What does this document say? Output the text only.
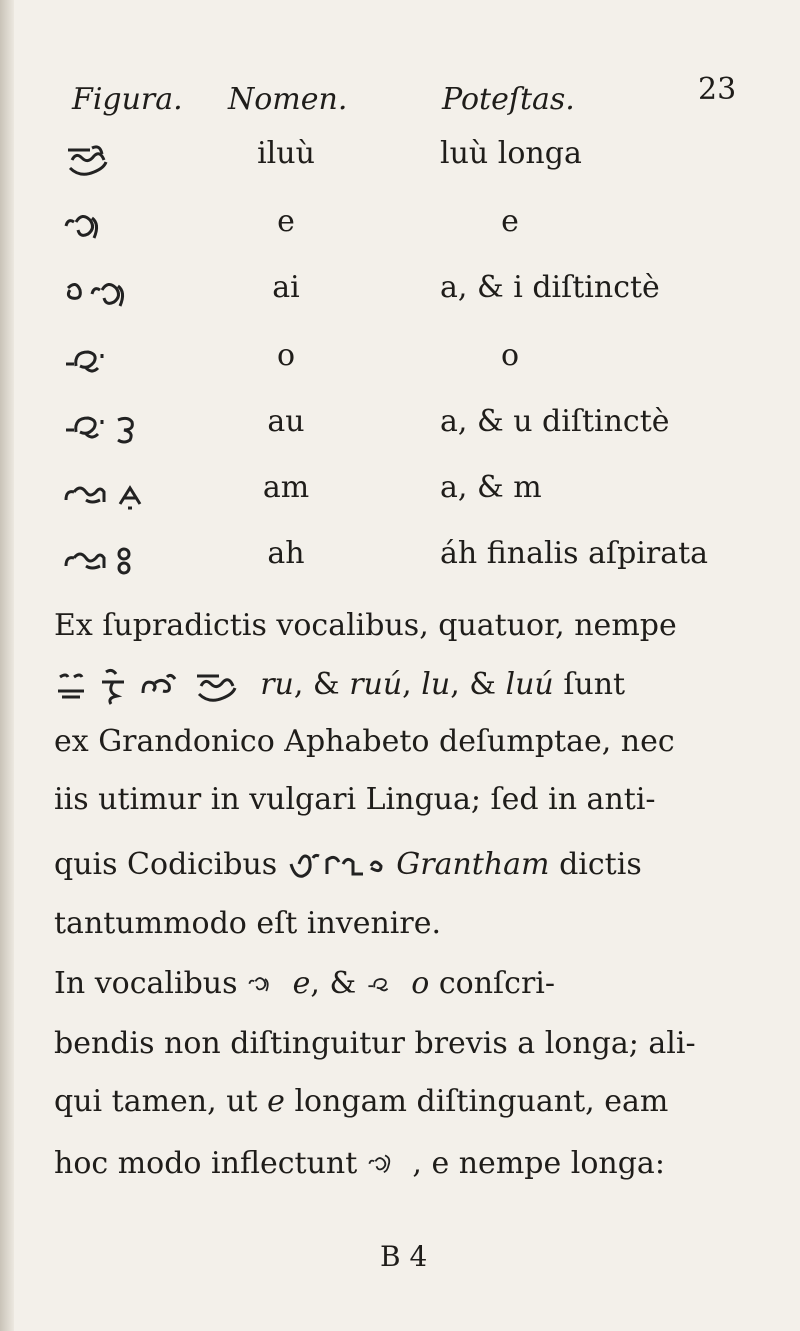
23
Figura. Nomen.	Poteſtas.
iluù	luù longa
e	e
ai	a, & i diſtinctè
o	o
au	a, & u diſtinctè
am	a, & m
ah	áh finalis aſpirata
Ex ſupradictis vocalibus, quatuor, nempe
ru, & ruú, lu, & luú ſunt
ex Grandonico Aphabeto deſumptae, nec
iis utimur in vulgari Lingua; ſed in anti-
quis Codicibus	Grantham dictis
tantummodo eſt invenire.
In vocalibus e, & o conſcri-
bendis non diſtinguitur brevis a longa; ali-
qui tamen, ut e longam diſtinguant, eam
hoc modo inflectunt , e nempe longa:
B 4
